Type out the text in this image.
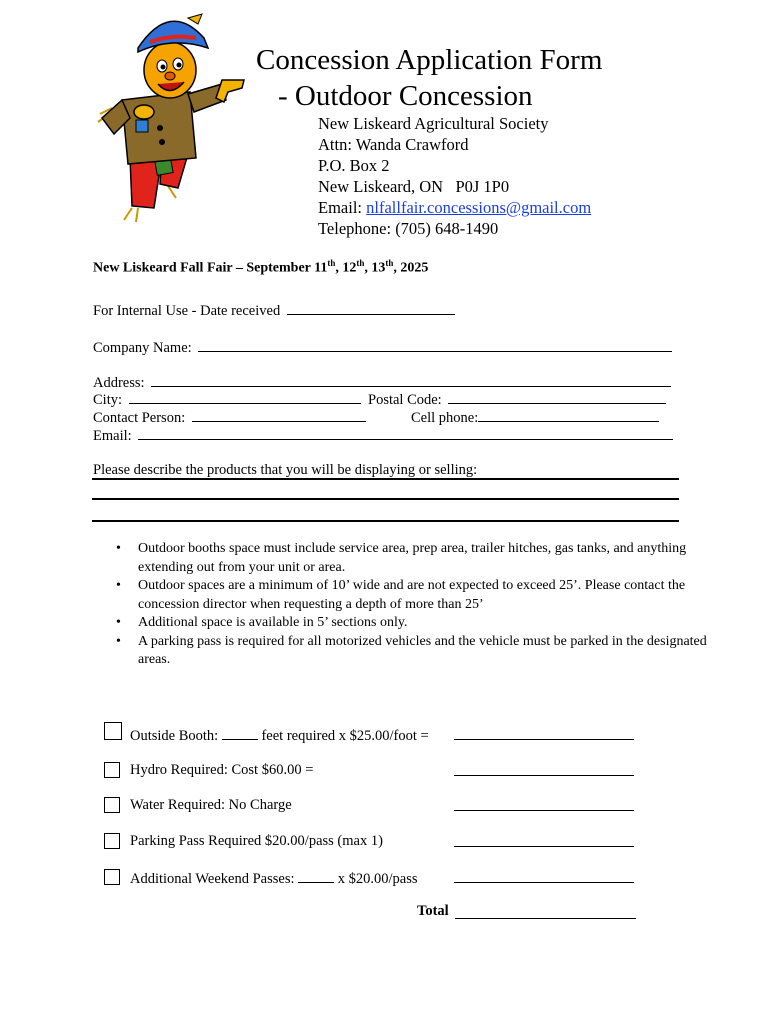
Concession Application Form
- Outdoor Concession
New Liskeard Agricultural Society
Attn: Wanda Crawford
P.O. Box 2
New Liskeard, ON   P0J 1P0
Email: nlfallfair.concessions@gmail.com
Telephone: (705) 648-1490
New Liskeard Fall Fair – September 11th, 12th, 13th, 2025
For Internal Use - Date received
Company Name:
Address:
City:	Postal Code:
Contact Person:	Cell phone:
Email:
Please describe the products that you will be displaying or selling:
• Outdoor booths space must include service area, prep area, trailer hitches, gas tanks, and anything extending out from your unit or area.
• Outdoor spaces are a minimum of 10’ wide and are not expected to exceed 25’. Please contact the concession director when requesting a depth of more than 25’
• Additional space is available in 5’ sections only.
• A parking pass is required for all motorized vehicles and the vehicle must be parked in the designated areas.
Outside Booth:	feet required x $25.00/foot =
Hydro Required: Cost $60.00 =
Water Required: No Charge
Parking Pass Required $20.00/pass (max 1)
Additional Weekend Passes:	x $20.00/pass
Total
